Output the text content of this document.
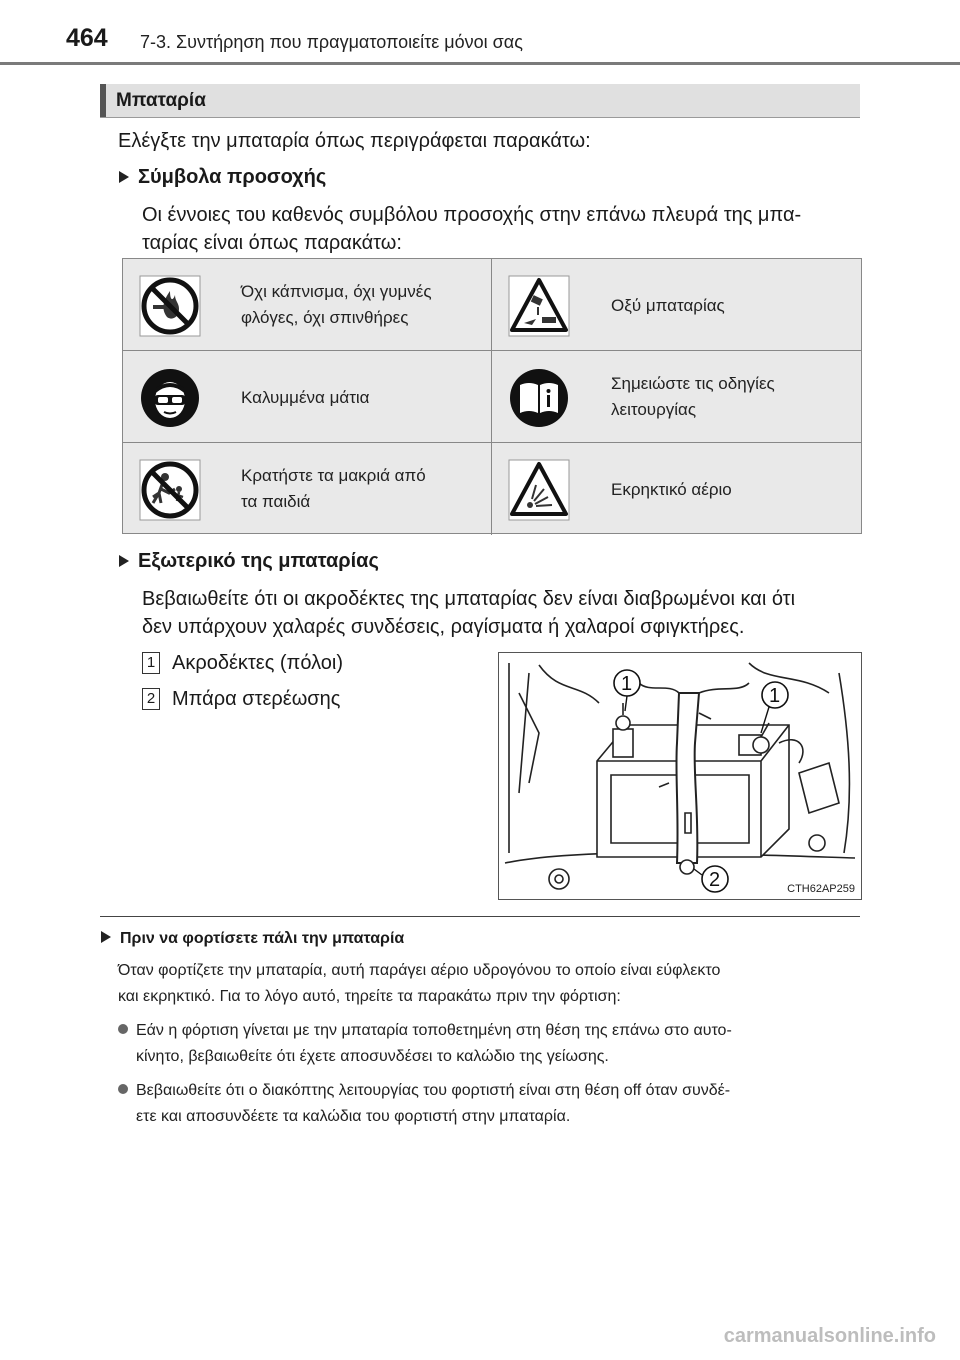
464 7-3. Συντήρηση που πραγματοποιείτε μόνοι σας
Μπαταρία
Ελέγξτε την μπαταρία όπως περιγράφεται παρακάτω:
Σύμβολα προσοχής
Οι έννοιες του καθενός συμβόλου προσοχής στην επάνω πλευρά της μπα-
ταρίας είναι όπως παρακάτω:
Όχι κάπνισμα, όχι γυμνές
φλόγες, όχι σπινθήρες
Οξύ μπαταρίας
Καλυμμένα μάτια
Σημειώστε τις οδηγίες
λειτουργίας
Κρατήστε τα μακριά από
τα παιδιά
Εκρηκτικό αέριο
Εξωτερικό της μπαταρίας
Βεβαιωθείτε ότι οι ακροδέκτες της μπαταρίας δεν είναι διαβρωμένοι και ότι
δεν υπάρχουν χαλαρές συνδέσεις, ραγίσματα ή χαλαροί σφιγκτήρες.
1 Ακροδέκτες (πόλοι)
2 Μπάρα στερέωσης
1
1
2	CTH62AP259
Πριν να φορτίσετε πάλι την μπαταρία
Όταν φορτίζετε την μπαταρία, αυτή παράγει αέριο υδρογόνου το οποίο είναι εύφλεκτο
και εκρηκτικό. Για το λόγο αυτό, τηρείτε τα παρακάτω πριν την φόρτιση:
Εάν η φόρτιση γίνεται με την μπαταρία τοποθετημένη στη θέση της επάνω στο αυτο-
κίνητο, βεβαιωθείτε ότι έχετε αποσυνδέσει το καλώδιο της γείωσης.
Βεβαιωθείτε ότι ο διακόπτης λειτουργίας του φορτιστή είναι στη θέση off όταν συνδέ-
ετε και αποσυνδέετε τα καλώδια του φορτιστή στην μπαταρία.
carmanualsonline.info
